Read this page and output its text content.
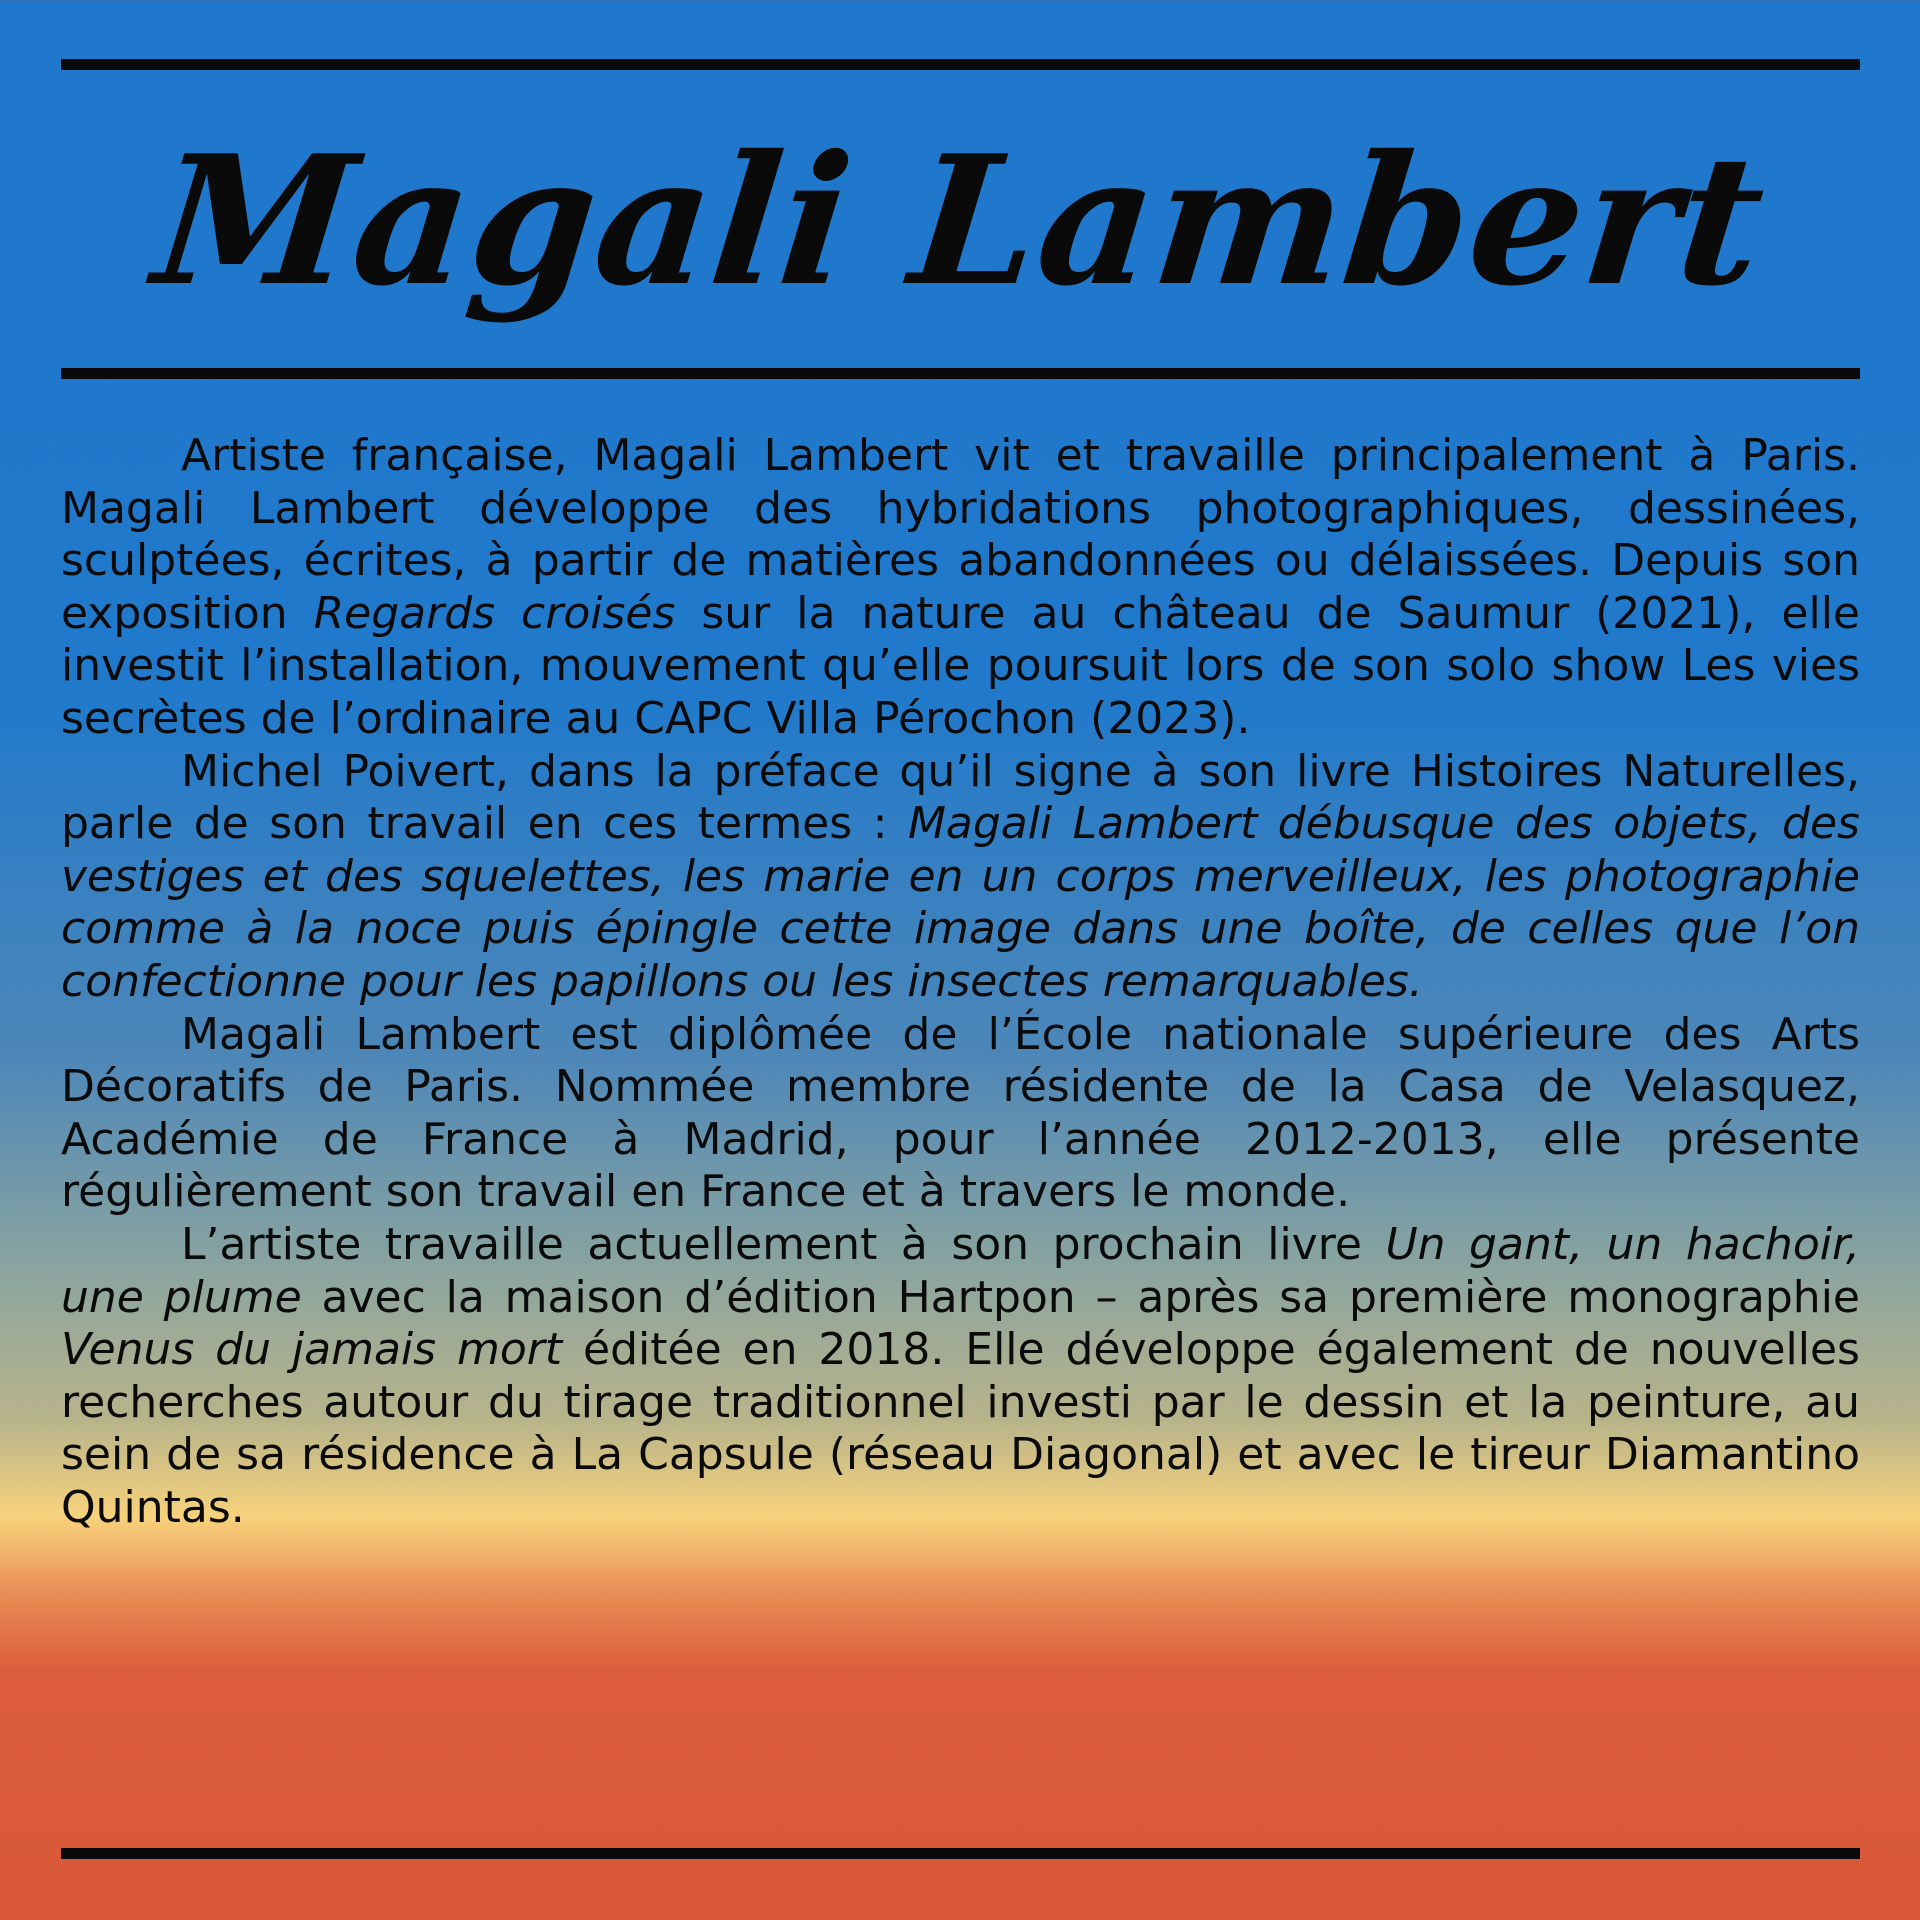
Magali Lambert

Artiste française, Magali Lambert vit et travaille principalement à Paris. Magali Lambert développe des hybridations photographiques, dessinées, sculptées, écrites, à partir de matières abandonnées ou délaissées. Depuis son exposition Regards croisés sur la nature au château de Saumur (2021), elle investit l’installation, mouvement qu’elle poursuit lors de son solo show Les vies secrètes de l’ordinaire au CAPC Villa Pérochon (2023).

Michel Poivert, dans la préface qu’il signe à son livre Histoires Naturelles, parle de son travail en ces termes : Magali Lambert débusque des objets, des vestiges et des squelettes, les marie en un corps merveilleux, les photographie comme à la noce puis épingle cette image dans une boîte, de celles que l’on confectionne pour les papillons ou les insectes remarquables.

Magali Lambert est diplômée de l’École nationale supérieure des Arts Décoratifs de Paris. Nommée membre résidente de la Casa de Velasquez, Académie de France à Madrid, pour l’année 2012-2013, elle présente régulièrement son travail en France et à travers le monde.

L’artiste travaille actuellement à son prochain livre Un gant, un hachoir, une plume avec la maison d’édition Hartpon – après sa première monographie Venus du jamais mort éditée en 2018. Elle développe également de nouvelles recherches autour du tirage traditionnel investi par le dessin et la peinture, au sein de sa résidence à La Capsule (réseau Diagonal) et avec le tireur Diamantino Quintas.
